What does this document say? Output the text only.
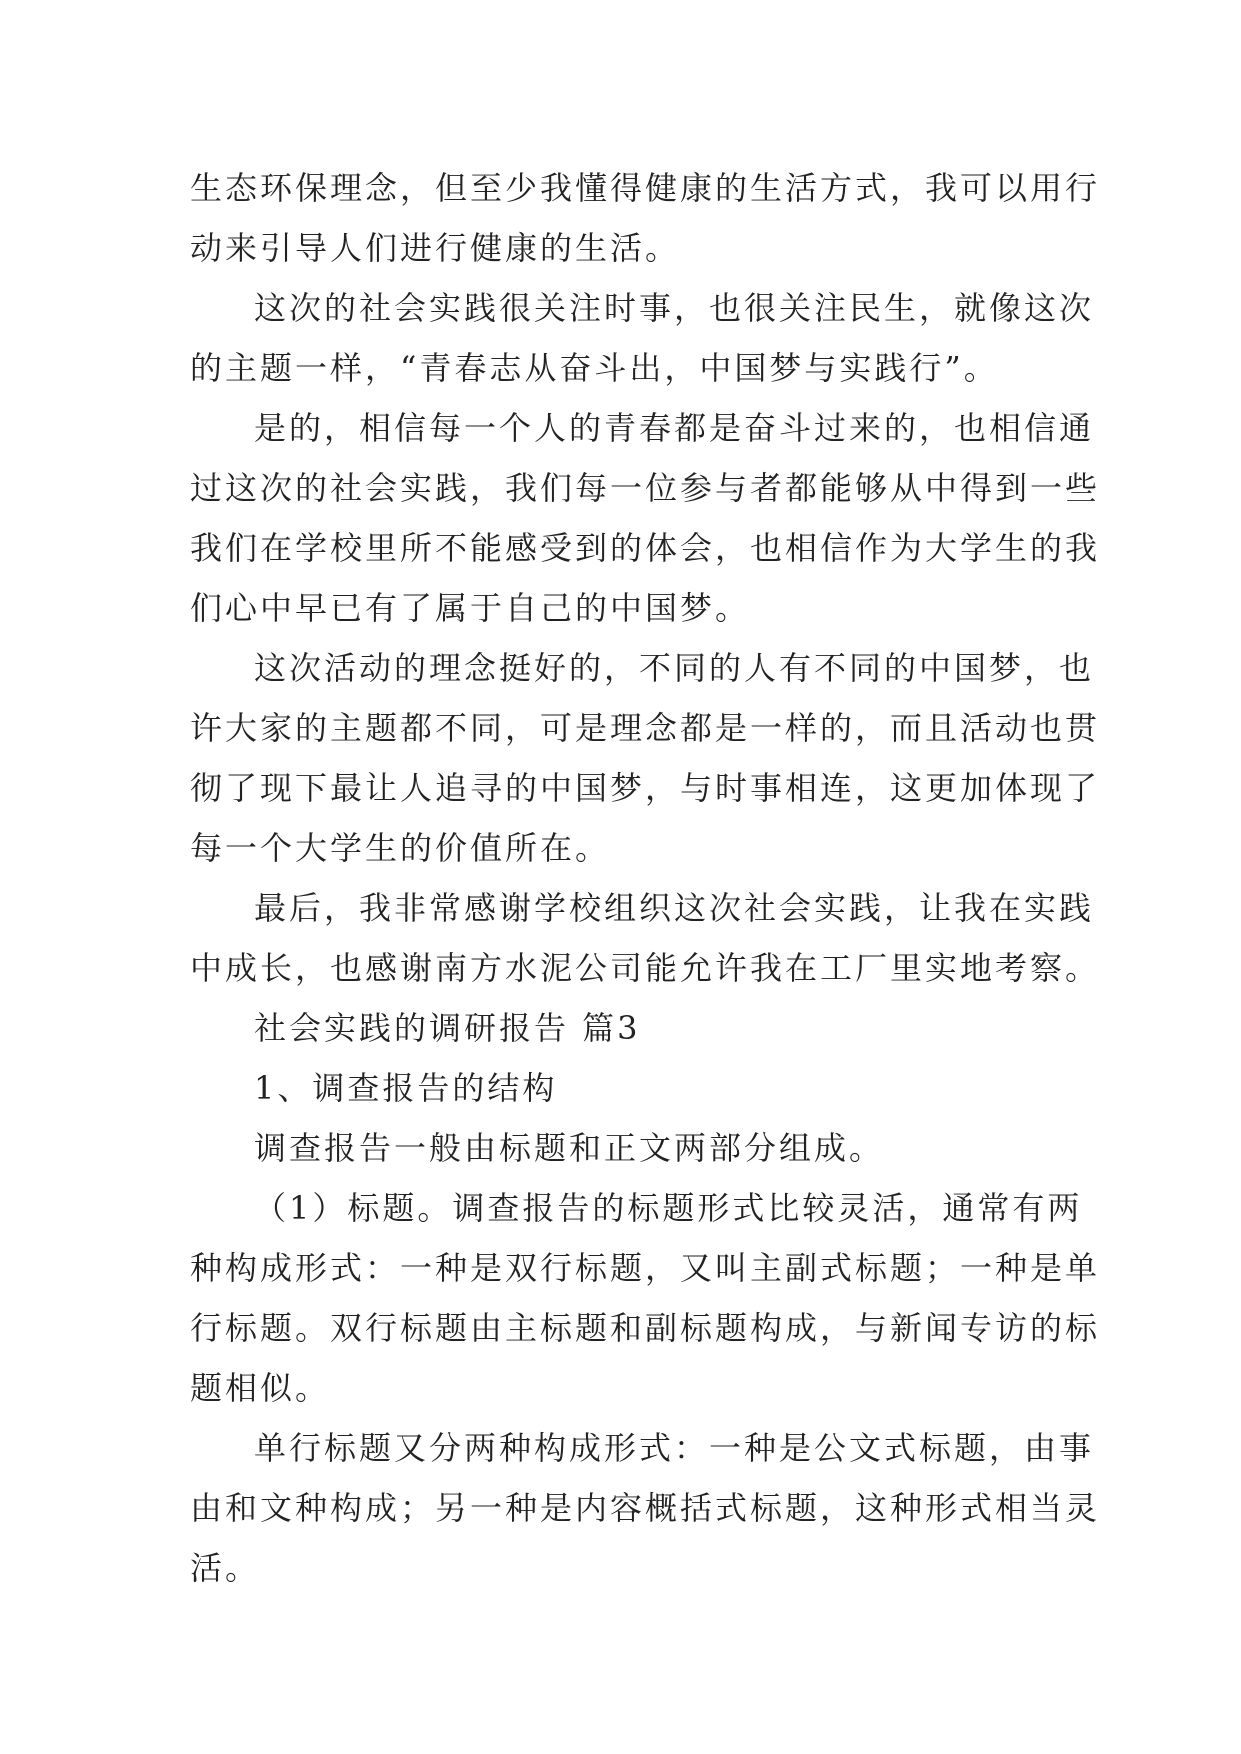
生态环保理念，但至少我懂得健康的生活方式，我可以用行
动来引导人们进行健康的生活。
这次的社会实践很关注时事，也很关注民生，就像这次
的主题一样，“青春志从奋斗出，中国梦与实践行”。
是的，相信每一个人的青春都是奋斗过来的，也相信通
过这次的社会实践，我们每一位参与者都能够从中得到一些
我们在学校里所不能感受到的体会，也相信作为大学生的我
们心中早已有了属于自己的中国梦。
这次活动的理念挺好的，不同的人有不同的中国梦，也
许大家的主题都不同，可是理念都是一样的，而且活动也贯
彻了现下最让人追寻的中国梦，与时事相连，这更加体现了
每一个大学生的价值所在。
最后，我非常感谢学校组织这次社会实践，让我在实践
中成长，也感谢南方水泥公司能允许我在工厂里实地考察。
社会实践的调研报告 篇3
1、调查报告的结构
调查报告一般由标题和正文两部分组成。
（1）标题。调查报告的标题形式比较灵活，通常有两
种构成形式：一种是双行标题，又叫主副式标题；一种是单
行标题。双行标题由主标题和副标题构成，与新闻专访的标
题相似。
单行标题又分两种构成形式：一种是公文式标题，由事
由和文种构成；另一种是内容概括式标题，这种形式相当灵
活。
